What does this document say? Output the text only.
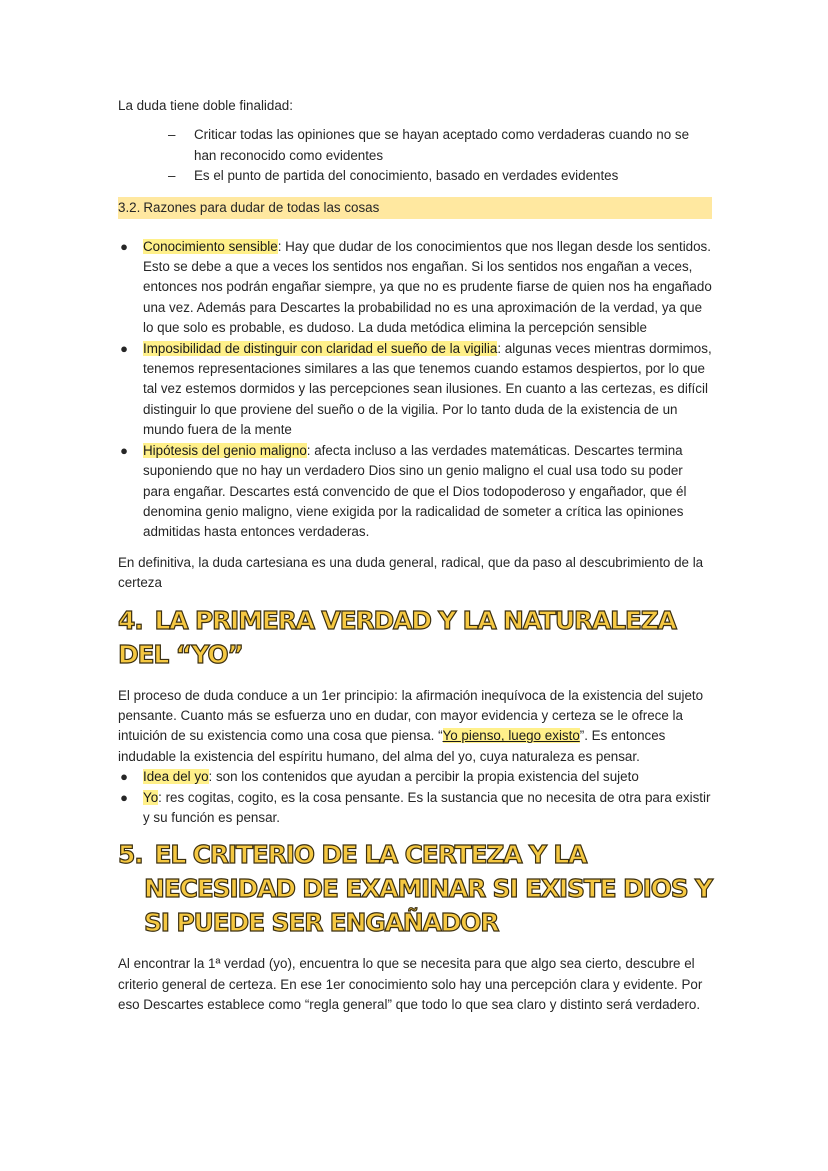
La duda tiene doble finalidad:

– Criticar todas las opiniones que se hayan aceptado como verdaderas cuando no se han reconocido como evidentes
– Es el punto de partida del conocimiento, basado en verdades evidentes
3.2. Razones para dudar de todas las cosas
● Conocimiento sensible: Hay que dudar de los conocimientos que nos llegan desde los sentidos. Esto se debe a que a veces los sentidos nos engañan. Si los sentidos nos engañan a veces, entonces nos podrán engañar siempre, ya que no es prudente fiarse de quien nos ha engañado una vez. Además para Descartes la probabilidad no es una aproximación de la verdad, ya que lo que solo es probable, es dudoso. La duda metódica elimina la percepción sensible
● Imposibilidad de distinguir con claridad el sueño de la vigilia: algunas veces mientras dormimos, tenemos representaciones similares a las que tenemos cuando estamos despiertos, por lo que tal vez estemos dormidos y las percepciones sean ilusiones. En cuanto a las certezas, es difícil distinguir lo que proviene del sueño o de la vigilia. Por lo tanto duda de la existencia de un mundo fuera de la mente
● Hipótesis del genio maligno: afecta incluso a las verdades matemáticas. Descartes termina suponiendo que no hay un verdadero Dios sino un genio maligno el cual usa todo su poder para engañar. Descartes está convencido de que el Dios todopoderoso y engañador, que él denomina genio maligno, viene exigida por la radicalidad de someter a crítica las opiniones admitidas hasta entonces verdaderas.

En definitiva, la duda cartesiana es una duda general, radical, que da paso al descubrimiento de la certeza

4. LA PRIMERA VERDAD Y LA NATURALEZA DEL “YO”

El proceso de duda conduce a un 1er principio: la afirmación inequívoca de la existencia del sujeto pensante. Cuanto más se esfuerza uno en dudar, con mayor evidencia y certeza se le ofrece la intuición de su existencia como una cosa que piensa. “Yo pienso, luego existo”. Es entonces indudable la existencia del espíritu humano, del alma del yo, cuya naturaleza es pensar.

● Idea del yo: son los contenidos que ayudan a percibir la propia existencia del sujeto
● Yo: res cogitas, cogito, es la cosa pensante. Es la sustancia que no necesita de otra para existir y su función es pensar.
5. EL CRITERIO DE LA CERTEZA Y LA NECESIDAD DE EXAMINAR SI EXISTE DIOS Y SI PUEDE SER ENGAÑADOR

Al encontrar la 1ª verdad (yo), encuentra lo que se necesita para que algo sea cierto, descubre el criterio general de certeza. En ese 1er conocimiento solo hay una percepción clara y evidente. Por eso Descartes establece como “regla general” que todo lo que sea claro y distinto será verdadero.
